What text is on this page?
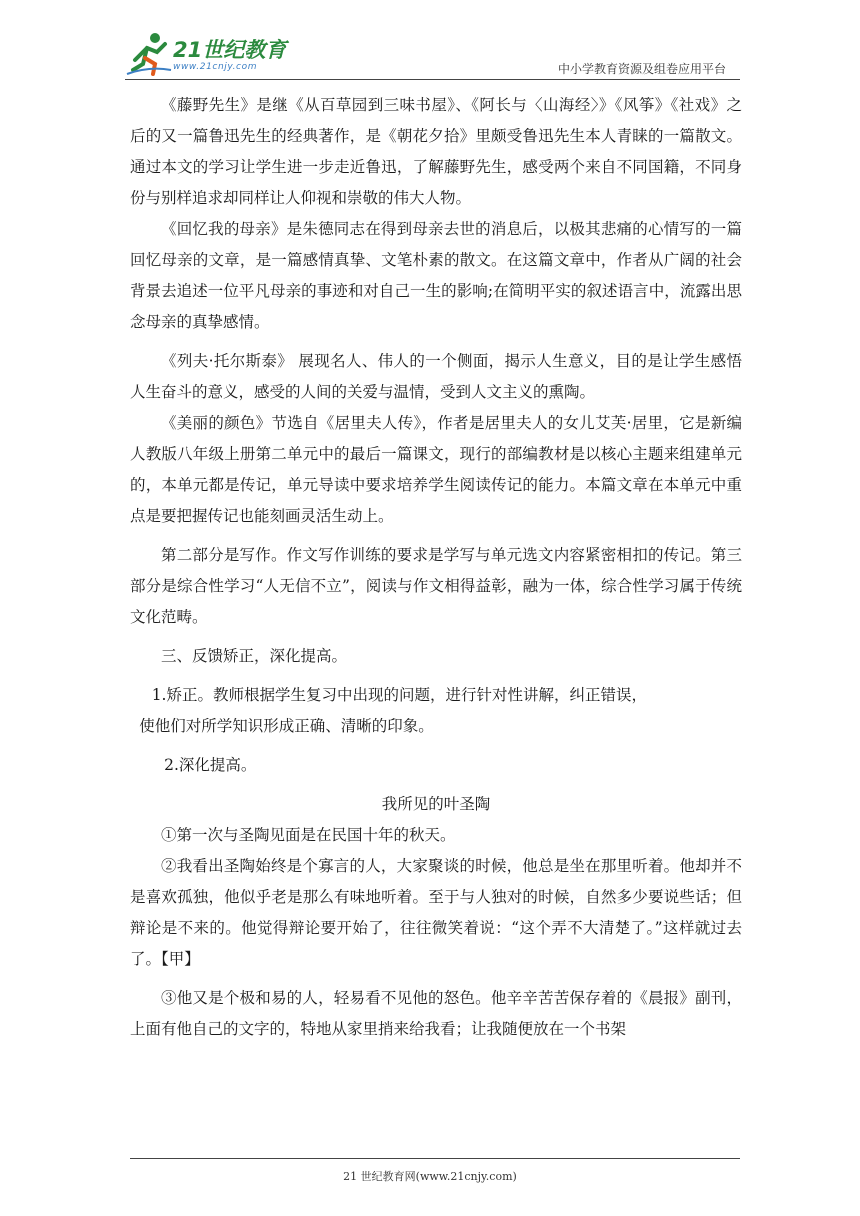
21世纪教育
www.21cnjy.com	中小学教育资源及组卷应用平台

《藤野先生》是继《从百草园到三味书屋》、《阿长与〈山海经〉》《风筝》《社戏》之后的又一篇鲁迅先生的经典著作，是《朝花夕拾》里颇受鲁迅先生本人青睐的一篇散文。通过本文的学习让学生进一步走近鲁迅，了解藤野先生，感受两个来自不同国籍，不同身份与别样追求却同样让人仰视和崇敬的伟大人物。

《回忆我的母亲》是朱德同志在得到母亲去世的消息后，以极其悲痛的心情写的一篇回忆母亲的文章，是一篇感情真挚、文笔朴素的散文。在这篇文章中，作者从广阔的社会背景去追述一位平凡母亲的事迹和对自己一生的影响;在简明平实的叙述语言中，流露出思念母亲的真挚感情。

《列夫·托尔斯泰》 展现名人、伟人的一个侧面，揭示人生意义，目的是让学生感悟人生奋斗的意义，感受的人间的关爱与温情，受到人文主义的熏陶。

《美丽的颜色》节选自《居里夫人传》，作者是居里夫人的女儿艾芙·居里，它是新编人教版八年级上册第二单元中的最后一篇课文，现行的部编教材是以核心主题来组建单元的，本单元都是传记，单元导读中要求培养学生阅读传记的能力。本篇文章在本单元中重点是要把握传记也能刻画灵活生动上。

第二部分是写作。作文写作训练的要求是学写与单元选文内容紧密相扣的传记。第三部分是综合性学习“人无信不立”，阅读与作文相得益彰，融为一体，综合性学习属于传统文化范畴。

三、反馈矫正，深化提高。

1.矫正。教师根据学生复习中出现的问题，进行针对性讲解，纠正错误，

使他们对所学知识形成正确、清晰的印象。

2.深化提高。

我所见的叶圣陶

①第一次与圣陶见面是在民国十年的秋天。

②我看出圣陶始终是个寡言的人，大家聚谈的时候，他总是坐在那里听着。他却并不是喜欢孤独，他似乎老是那么有味地听着。至于与人独对的时候，自然多少要说些话；但辩论是不来的。他觉得辩论要开始了，往往微笑着说：“这个弄不大清楚了。”这样就过去了。【甲】

③他又是个极和易的人，轻易看不见他的怒色。他辛辛苦苦保存着的《晨报》副刊，上面有他自己的文字的，特地从家里捎来给我看；让我随便放在一个书架

21 世纪教育网(www.21cnjy.com)
